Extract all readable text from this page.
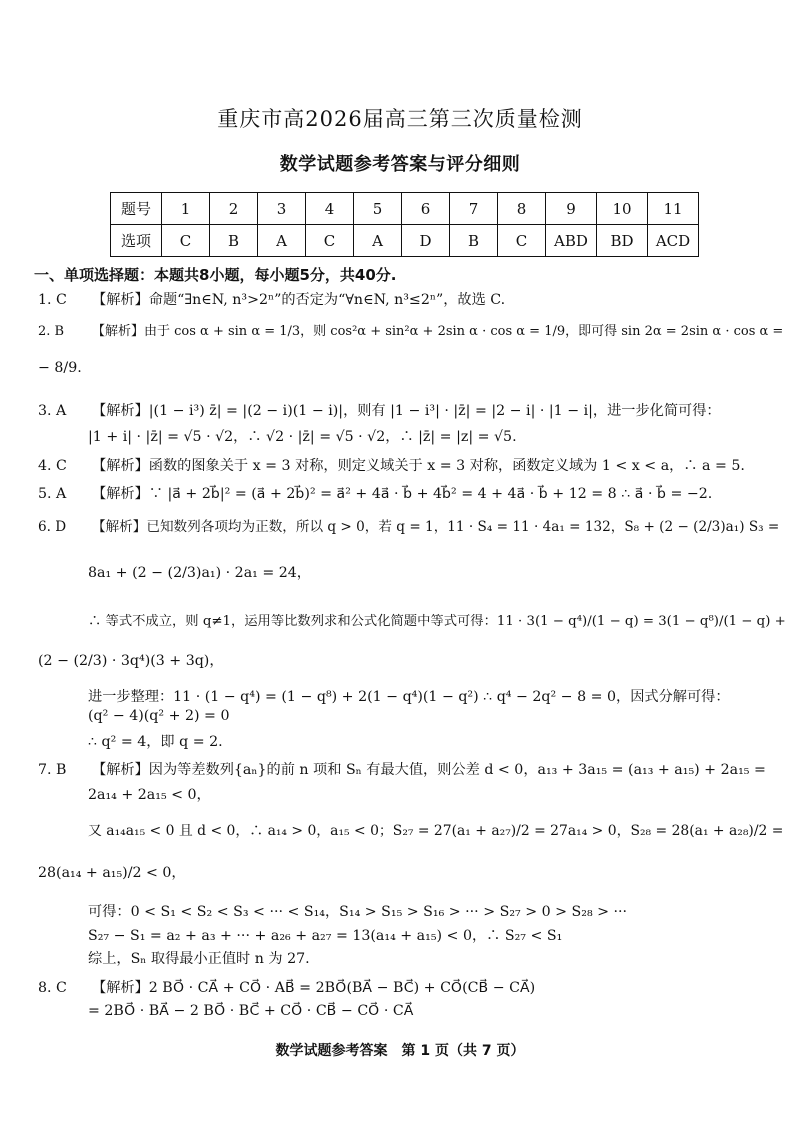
重庆市高2026届高三第三次质量检测
数学试题参考答案与评分细则
题号	1	2	3	4	5	6	7	8	9	10	11
选项	C	B	A	C	A	D	B	C	ABD	BD	ACD
一、单项选择题：本题共8小题，每小题5分，共40分.
1. C 【解析】命题“∃n∈N, n³>2ⁿ”的否定为“∀n∈N, n³≤2ⁿ”，故选 C.
2. B 【解析】由于 cos α + sin α = 1/3，则 cos²α + sin²α + 2sin α · cos α = 1/9，即可得 sin 2α = 2sin α · cos α =
− 8/9.
3. A 【解析】|(1 − i³) z̄| = |(2 − i)(1 − i)|，则有 |1 − i³| · |z̄| = |2 − i| · |1 − i|，进一步化简可得：
|1 + i| · |z̄| = √5 · √2，∴ √2 · |z̄| = √5 · √2，∴ |z̄| = |z| = √5.
4. C 【解析】函数的图象关于 x = 3 对称，则定义域关于 x = 3 对称，函数定义域为 1 < x < a，∴ a = 5.
5. A 【解析】∵ |a⃗ + 2b⃗|² = (a⃗ + 2b⃗)² = a⃗² + 4a⃗ · b⃗ + 4b⃗² = 4 + 4a⃗ · b⃗ + 12 = 8 ∴ a⃗ · b⃗ = −2.
6. D 【解析】已知数列各项均为正数，所以 q > 0，若 q = 1，11 · S₄ = 11 · 4a₁ = 132，S₈ + (2 − (2/3)a₁) S₃ =
8a₁ + (2 − (2/3)a₁) · 2a₁ = 24，
∴ 等式不成立，则 q≠1，运用等比数列求和公式化简题中等式可得：11 · 3(1 − q⁴)/(1 − q) = 3(1 − q⁸)/(1 − q) +
(2 − (2/3) · 3q⁴)(3 + 3q)，
进一步整理：11 · (1 − q⁴) = (1 − q⁸) + 2(1 − q⁴)(1 − q²) ∴ q⁴ − 2q² − 8 = 0，因式分解可得：
(q² − 4)(q² + 2) = 0
∴ q² = 4，即 q = 2.
7. B 【解析】因为等差数列{aₙ}的前 n 项和 Sₙ 有最大值，则公差 d < 0，a₁₃ + 3a₁₅ = (a₁₃ + a₁₅) + 2a₁₅ =
2a₁₄ + 2a₁₅ < 0，
又 a₁₄a₁₅ < 0 且 d < 0，∴ a₁₄ > 0，a₁₅ < 0；S₂₇ = 27(a₁ + a₂₇)/2 = 27a₁₄ > 0，S₂₈ = 28(a₁ + a₂₈)/2 =
28(a₁₄ + a₁₅)/2 < 0，
可得：0 < S₁ < S₂ < S₃ < ··· < S₁₄，S₁₄ > S₁₅ > S₁₆ > ··· > S₂₇ > 0 > S₂₈ > ···
S₂₇ − S₁ = a₂ + a₃ + ··· + a₂₆ + a₂₇ = 13(a₁₄ + a₁₅) < 0，∴ S₂₇ < S₁
综上，Sₙ 取得最小正值时 n 为 27.
8. C 【解析】2 BO⃗ · CA⃗ + CO⃗ · AB⃗ = 2BO⃗(BA⃗ − BC⃗) + CO⃗(CB⃗ − CA⃗)
= 2BO⃗ · BA⃗ − 2 BO⃗ · BC⃗ + CO⃗ · CB⃗ − CO⃗ · CA⃗
数学试题参考答案　第 1 页（共 7 页）
